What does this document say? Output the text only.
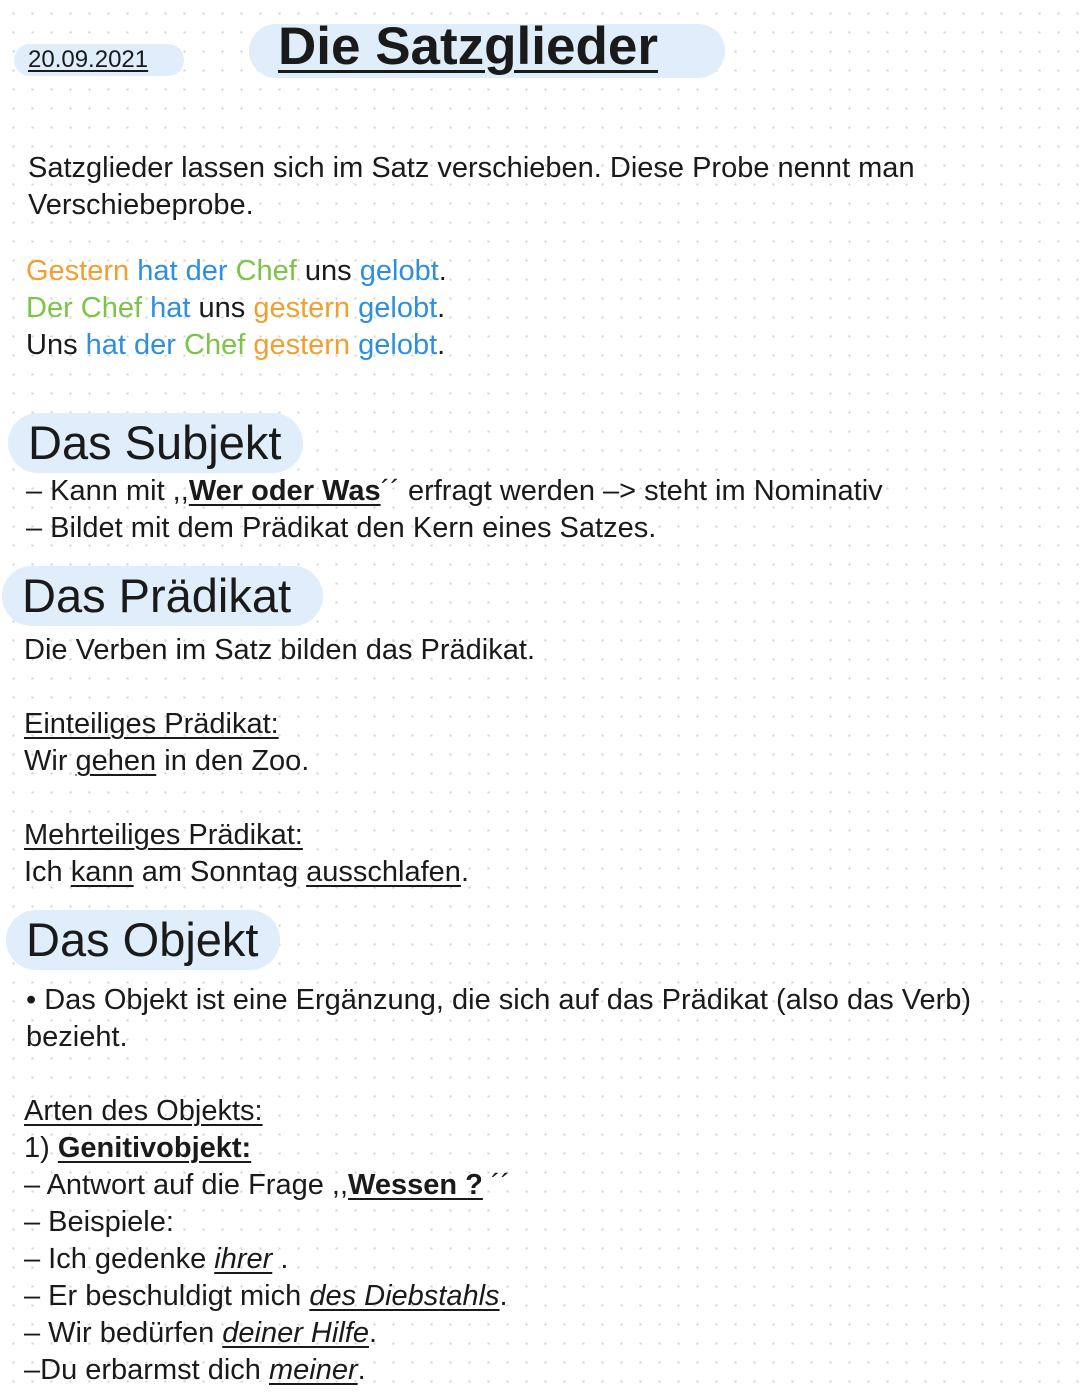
20.09.2021 Die Satzglieder
Satzglieder lassen sich im Satz verschieben. Diese Probe nennt man
Verschiebeprobe.
Gestern hat der Chef uns gelobt.
Der Chef hat uns gestern gelobt.
Uns hat der Chef gestern gelobt.
Das Subjekt
– Kann mit ,,Wer oder Was´´ erfragt werden –> steht im Nominativ
– Bildet mit dem Prädikat den Kern eines Satzes.
Das Prädikat
Die Verben im Satz bilden das Prädikat.
Einteiliges Prädikat:
Wir gehen in den Zoo.
Mehrteiliges Prädikat:
Ich kann am Sonntag ausschlafen.
Das Objekt
• Das Objekt ist eine Ergänzung, die sich auf das Prädikat (also das Verb)
bezieht.
Arten des Objekts:
1) Genitivobjekt:
– Antwort auf die Frage ,,Wessen ? ´´
– Beispiele:
– Ich gedenke ihrer .
– Er beschuldigt mich des Diebstahls.
– Wir bedürfen deiner Hilfe.
–Du erbarmst dich meiner.
